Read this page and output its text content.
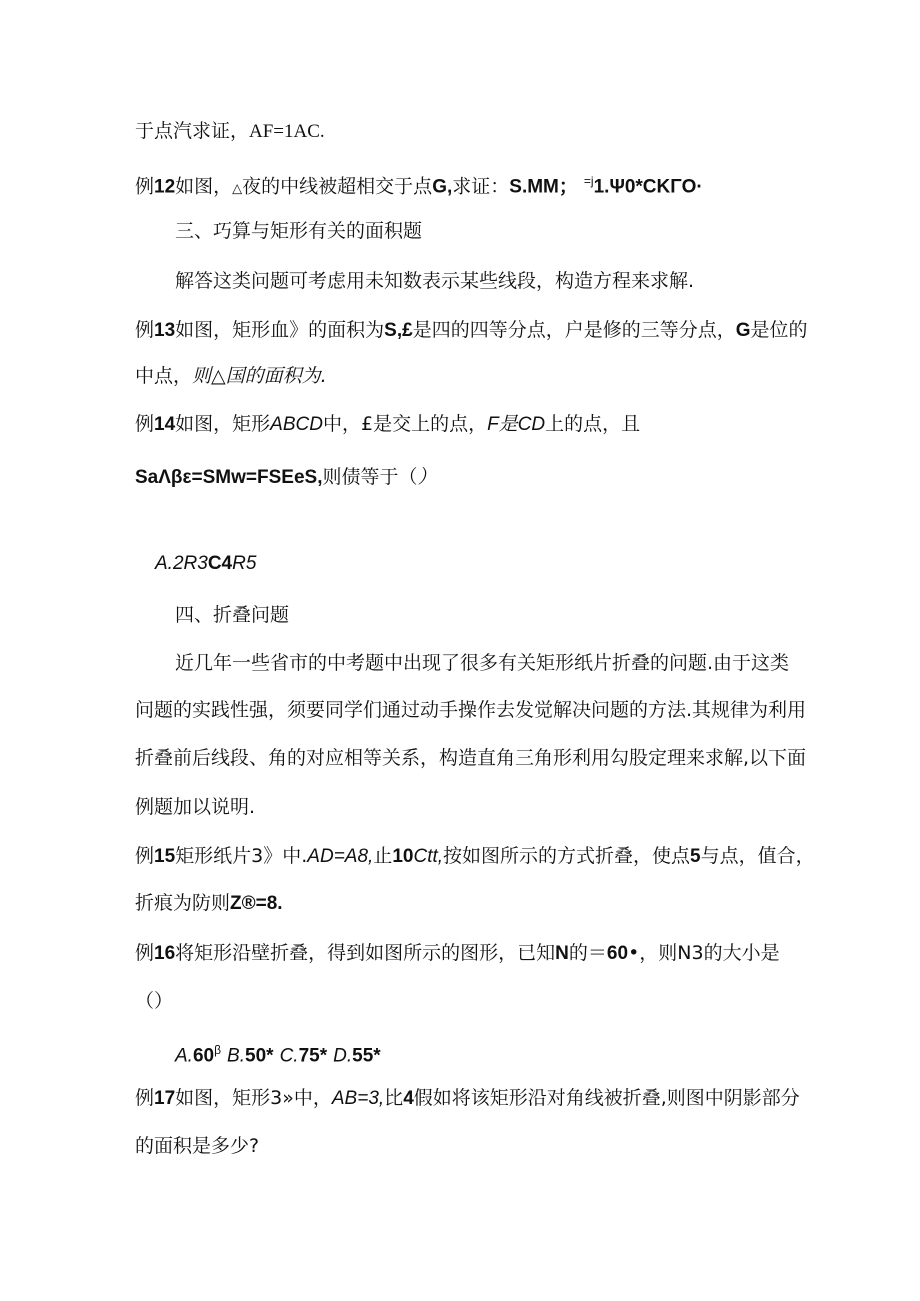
于点汽求证，AF=1AC.
例12如图，△夜的中线被超相交于点G,求证：S.MM； $^{=j}$1.Ψ0*CKΓO·
三、巧算与矩形有关的面积题
解答这类问题可考虑用未知数表示某些线段，构造方程来求解.
例13如图，矩形血》的面积为S,£是四的四等分点，户是修的三等分点，G是位的
中点，则△国的面积为.
例14如图，矩形ABCD中，£是交上的点，F是CD上的点，且
SaΛβε=SMw=FSEeS,则债等于（）
A.2R3C4R5
四、折叠问题
近几年一些省市的中考题中出现了很多有关矩形纸片折叠的问题.由于这类
问题的实践性强，须要同学们通过动手操作去发觉解决问题的方法.其规律为利用
折叠前后线段、角的对应相等关系，构造直角三角形利用勾股定理来求解,以下面
例题加以说明.
例15矩形纸片3》中.AD=A8,止10Ctt,按如图所示的方式折叠，使点5与点，值合，
折痕为防则Z®=8.
例16将矩形沿壁折叠，得到如图所示的图形，已知N的＝60•，则N3的大小是
（）
$A.60^\beta$ B.50* C.75* D.55*
例17如图，矩形3»中，AB=3,比4假如将该矩形沿对角线被折叠,则图中阴影部分
的面积是多少?
